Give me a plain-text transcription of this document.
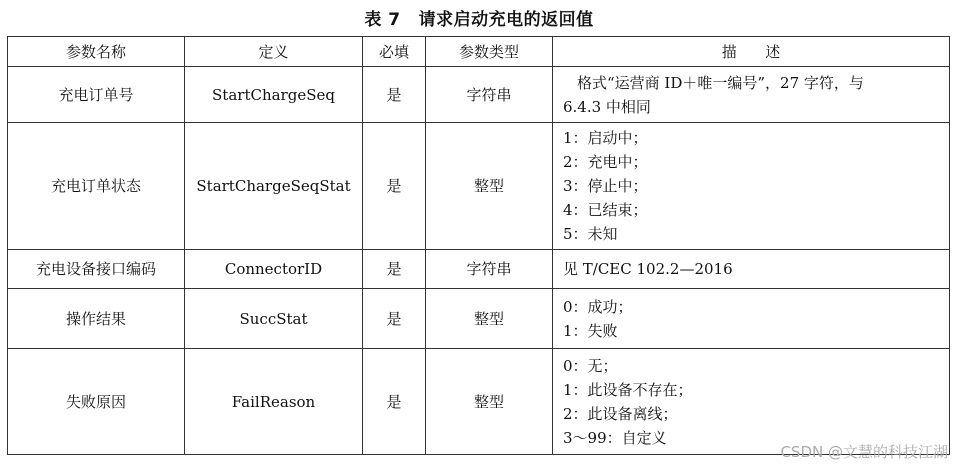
表 7 请求启动充电的返回值
参数名称	定义	必填	参数类型	描      述
充电订单号	StartChargeSeq	是	字符串	格式“运营商 ID＋唯一编号”，27 字符，与
6.4.3 中相同

充电订单状态	StartChargeSeqStat	是	整型	1：启动中；
2：充电中；
3：停止中；
4：已结束；
5：未知

充电设备接口编码	ConnectorID	是	字符串	见 T/CEC 102.2—2016

操作结果	SuccStat	是	整型	0：成功；
1：失败

失败原因	FailReason	是	整型	0：无；
1：此设备不存在；
2：此设备离线；
3～99：自定义
CSDN @文慧的科技江湖
